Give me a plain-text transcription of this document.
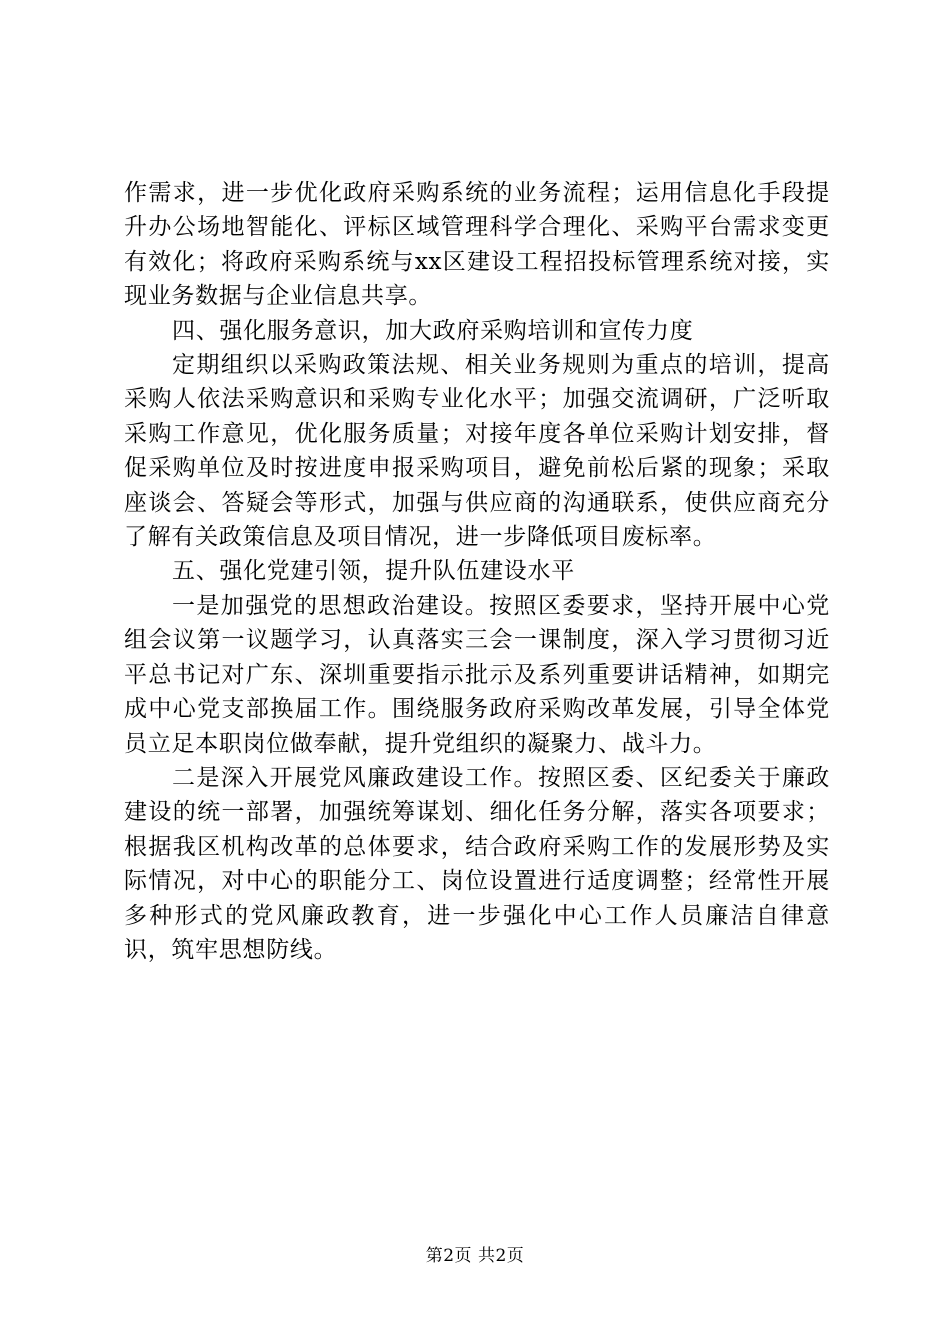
作需求，进一步优化政府采购系统的业务流程；运用信息化手段提升办公场地智能化、评标区域管理科学合理化、采购平台需求变更有效化；将政府采购系统与xx区建设工程招投标管理系统对接，实现业务数据与企业信息共享。

四、强化服务意识，加大政府采购培训和宣传力度

定期组织以采购政策法规、相关业务规则为重点的培训，提高采购人依法采购意识和采购专业化水平；加强交流调研，广泛听取采购工作意见，优化服务质量；对接年度各单位采购计划安排，督促采购单位及时按进度申报采购项目，避免前松后紧的现象；采取座谈会、答疑会等形式，加强与供应商的沟通联系，使供应商充分了解有关政策信息及项目情况，进一步降低项目废标率。

五、强化党建引领，提升队伍建设水平

一是加强党的思想政治建设。按照区委要求，坚持开展中心党组会议第一议题学习，认真落实三会一课制度，深入学习贯彻习近平总书记对广东、深圳重要指示批示及系列重要讲话精神，如期完成中心党支部换届工作。围绕服务政府采购改革发展，引导全体党员立足本职岗位做奉献，提升党组织的凝聚力、战斗力。

二是深入开展党风廉政建设工作。按照区委、区纪委关于廉政建设的统一部署，加强统筹谋划、细化任务分解，落实各项要求；根据我区机构改革的总体要求，结合政府采购工作的发展形势及实际情况，对中心的职能分工、岗位设置进行适度调整；经常性开展多种形式的党风廉政教育，进一步强化中心工作人员廉洁自律意识，筑牢思想防线。

第2页 共2页
